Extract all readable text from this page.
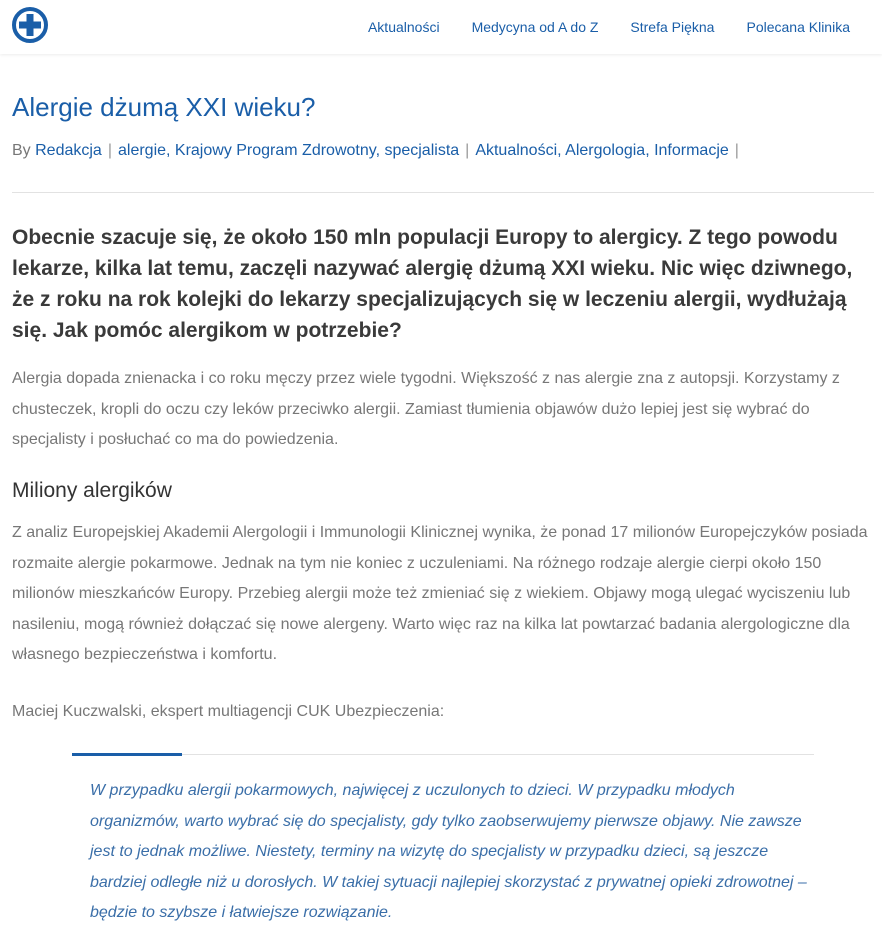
Aktualności	Medycyna od A do Z	Strefa Piękna	Polecana Klinika
Alergie dżumą XXI wieku?
By Redakcja | alergie, Krajowy Program Zdrowotny, specjalista | Aktualności, Alergologia, Informacje |

Obecnie szacuje się, że około 150 mln populacji Europy to alergicy. Z tego powodu lekarze, kilka lat temu, zaczęli nazywać alergię dżumą XXI wieku. Nic więc dziwnego, że z roku na rok kolejki do lekarzy specjalizujących się w leczeniu alergii, wydłużają się. Jak pomóc alergikom w potrzebie?

Alergia dopada znienacka i co roku męczy przez wiele tygodni. Większość z nas alergie zna z autopsji. Korzystamy z chusteczek, kropli do oczu czy leków przeciwko alergii. Zamiast tłumienia objawów dużo lepiej jest się wybrać do specjalisty i posłuchać co ma do powiedzenia.

Miliony alergików

Z analiz Europejskiej Akademii Alergologii i Immunologii Klinicznej wynika, że ponad 17 milionów Europejczyków posiada rozmaite alergie pokarmowe. Jednak na tym nie koniec z uczuleniami. Na różnego rodzaje alergie cierpi około 150 milionów mieszkańców Europy. Przebieg alergii może też zmieniać się z wiekiem. Objawy mogą ulegać wyciszeniu lub nasileniu, mogą również dołączać się nowe alergeny. Warto więc raz na kilka lat powtarzać badania alergologiczne dla własnego bezpieczeństwa i komfortu.

Maciej Kuczwalski, ekspert multiagencji CUK Ubezpieczenia:

W przypadku alergii pokarmowych, najwięcej z uczulonych to dzieci. W przypadku młodych organizmów, warto wybrać się do specjalisty, gdy tylko zaobserwujemy pierwsze objawy. Nie zawsze jest to jednak możliwe. Niestety, terminy na wizytę do specjalisty w przypadku dzieci, są jeszcze bardziej odległe niż u dorosłych. W takiej sytuacji najlepiej skorzystać z prywatnej opieki zdrowotnej – będzie to szybsze i łatwiejsze rozwiązanie.
